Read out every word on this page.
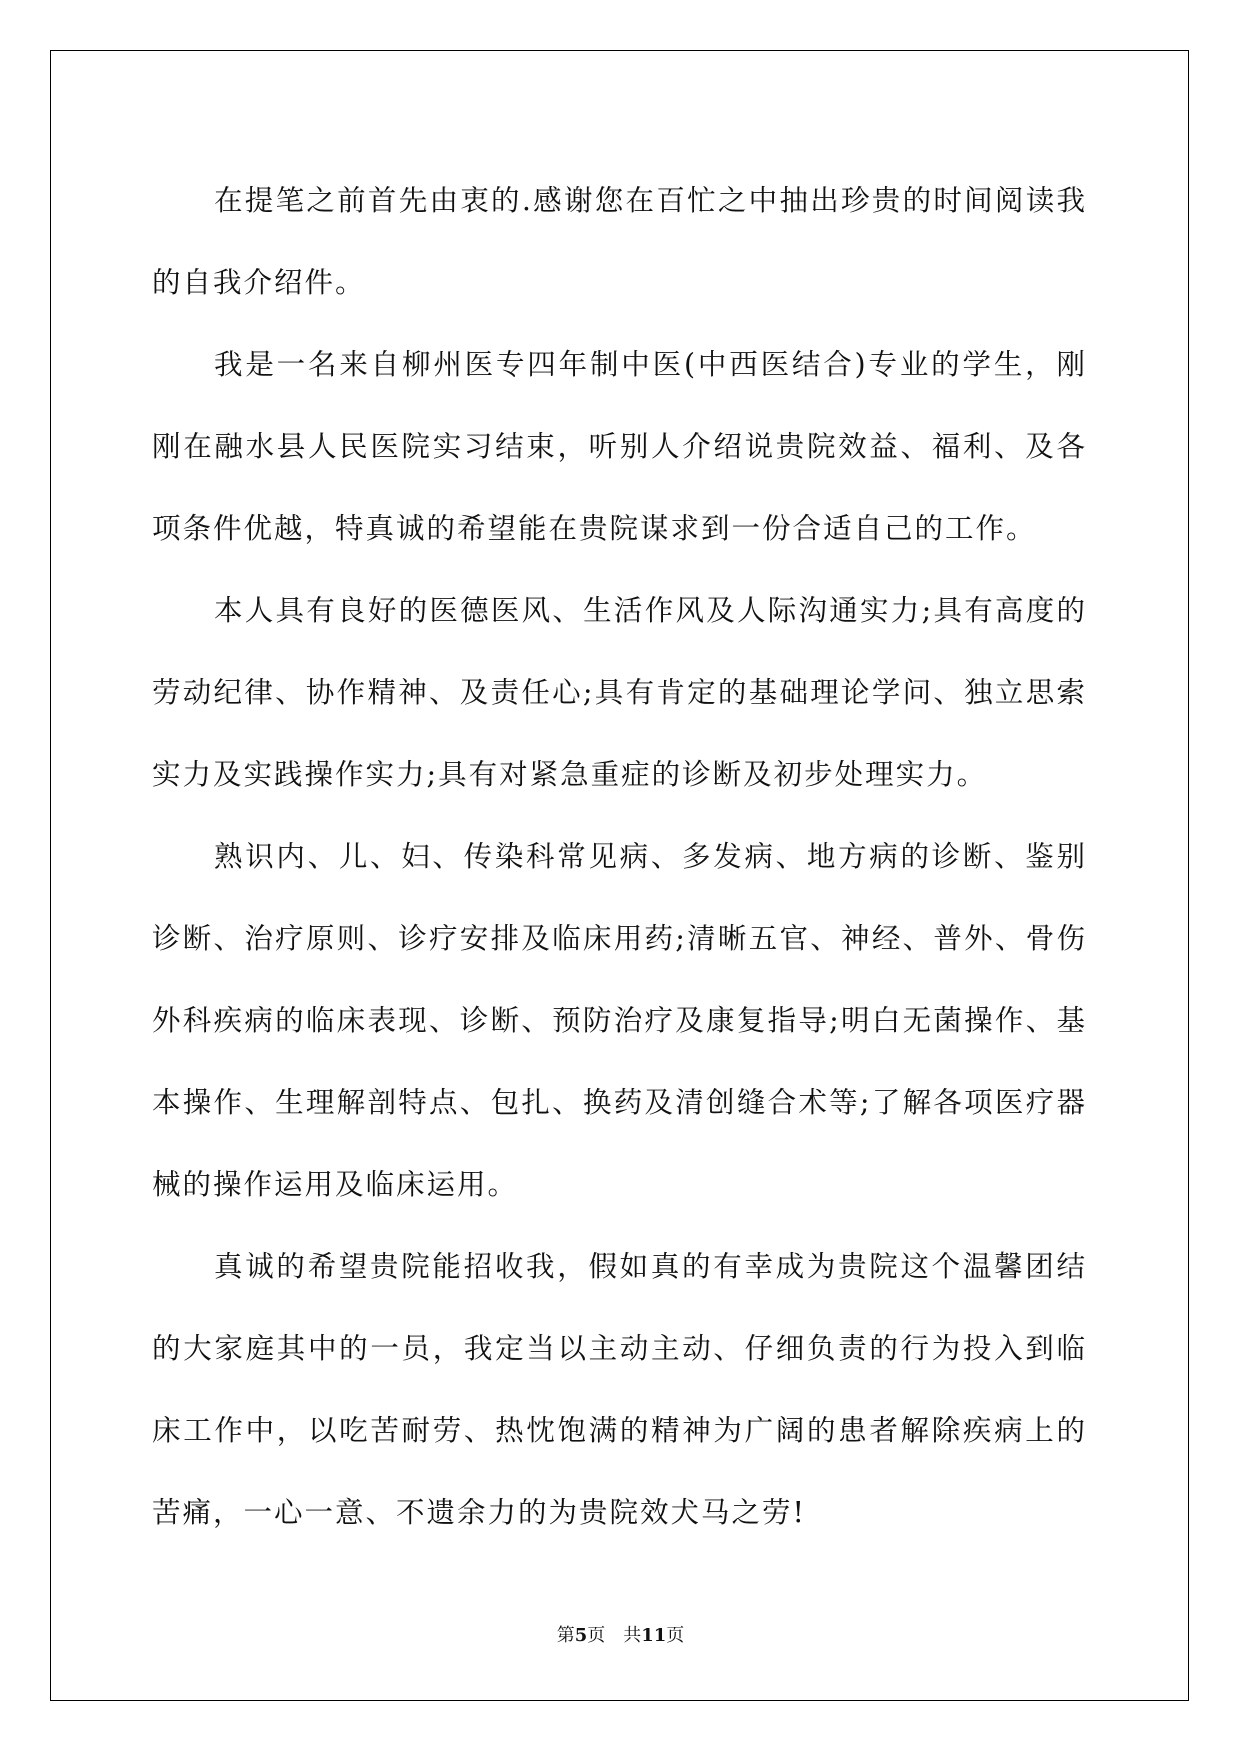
在提笔之前首先由衷的.感谢您在百忙之中抽出珍贵的时间阅读我的自我介绍件。

我是一名来自柳州医专四年制中医(中西医结合)专业的学生，刚刚在融水县人民医院实习结束，听别人介绍说贵院效益、福利、及各项条件优越，特真诚的希望能在贵院谋求到一份合适自己的工作。

本人具有良好的医德医风、生活作风及人际沟通实力;具有高度的劳动纪律、协作精神、及责任心;具有肯定的基础理论学问、独立思索实力及实践操作实力;具有对紧急重症的诊断及初步处理实力。

熟识内、儿、妇、传染科常见病、多发病、地方病的诊断、鉴别诊断、治疗原则、诊疗安排及临床用药;清晰五官、神经、普外、骨伤外科疾病的临床表现、诊断、预防治疗及康复指导;明白无菌操作、基本操作、生理解剖特点、包扎、换药及清创缝合术等;了解各项医疗器械的操作运用及临床运用。

真诚的希望贵院能招收我，假如真的有幸成为贵院这个温馨团结的大家庭其中的一员，我定当以主动主动、仔细负责的行为投入到临床工作中，以吃苦耐劳、热忱饱满的精神为广阔的患者解除疾病上的苦痛，一心一意、不遗余力的为贵院效犬马之劳!

第5页 共11页
